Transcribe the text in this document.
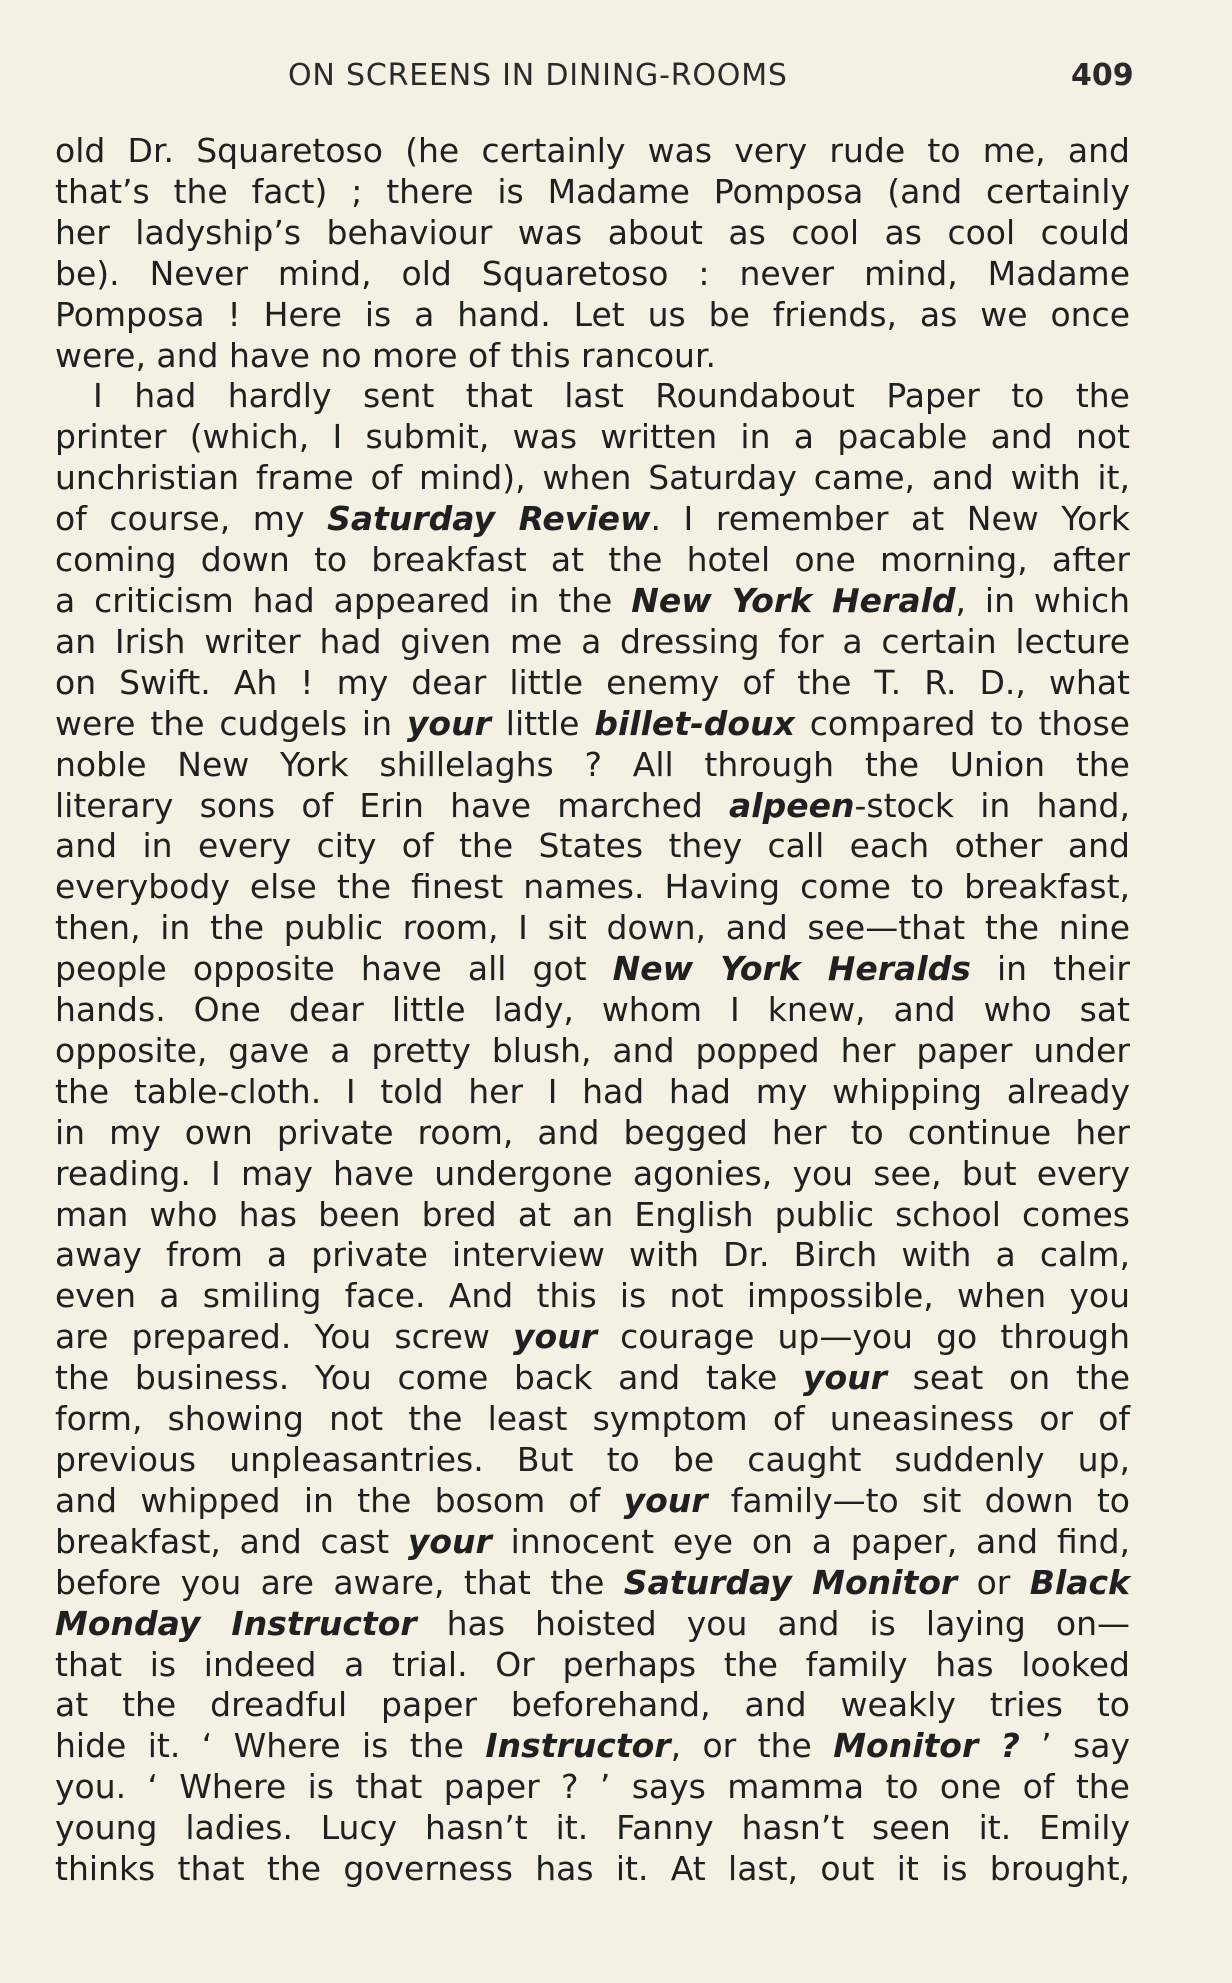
ON SCREENS IN DINING-ROOMS	409
old Dr. Squaretoso (he certainly was very rude to me, and
that’s the fact) ; there is Madame Pomposa (and certainly
her ladyship’s behaviour was about as cool as cool could
be). Never mind, old Squaretoso : never mind, Madame
Pomposa ! Here is a hand. Let us be friends, as we once
were, and have no more of this rancour.
I had hardly sent that last Roundabout Paper to the
printer (which, I submit, was written in a pacable and not
unchristian frame of mind), when Saturday came, and with it,
of course, my Saturday Review. I remember at New York
coming down to breakfast at the hotel one morning, after
a criticism had appeared in the New York Herald, in which
an Irish writer had given me a dressing for a certain lecture
on Swift. Ah ! my dear little enemy of the T. R. D., what
were the cudgels in your little billet-doux compared to those
noble New York shillelaghs ? All through the Union the
literary sons of Erin have marched alpeen-stock in hand,
and in every city of the States they call each other and
everybody else the finest names. Having come to breakfast,
then, in the public room, I sit down, and see—that the nine
people opposite have all got New York Heralds in their
hands. One dear little lady, whom I knew, and who sat
opposite, gave a pretty blush, and popped her paper under
the table-cloth. I told her I had had my whipping already
in my own private room, and begged her to continue her
reading. I may have undergone agonies, you see, but every
man who has been bred at an English public school comes
away from a private interview with Dr. Birch with a calm,
even a smiling face. And this is not impossible, when you
are prepared. You screw your courage up—you go through
the business. You come back and take your seat on the
form, showing not the least symptom of uneasiness or of
previous unpleasantries. But to be caught suddenly up,
and whipped in the bosom of your family—to sit down to
breakfast, and cast your innocent eye on a paper, and find,
before you are aware, that the Saturday Monitor or Black
Monday Instructor has hoisted you and is laying on—
that is indeed a trial. Or perhaps the family has looked
at the dreadful paper beforehand, and weakly tries to
hide it. ‘ Where is the Instructor, or the Monitor ? ’ say
you. ‘ Where is that paper ? ’ says mamma to one of the
young ladies. Lucy hasn’t it. Fanny hasn’t seen it. Emily
thinks that the governess has it. At last, out it is brought,
